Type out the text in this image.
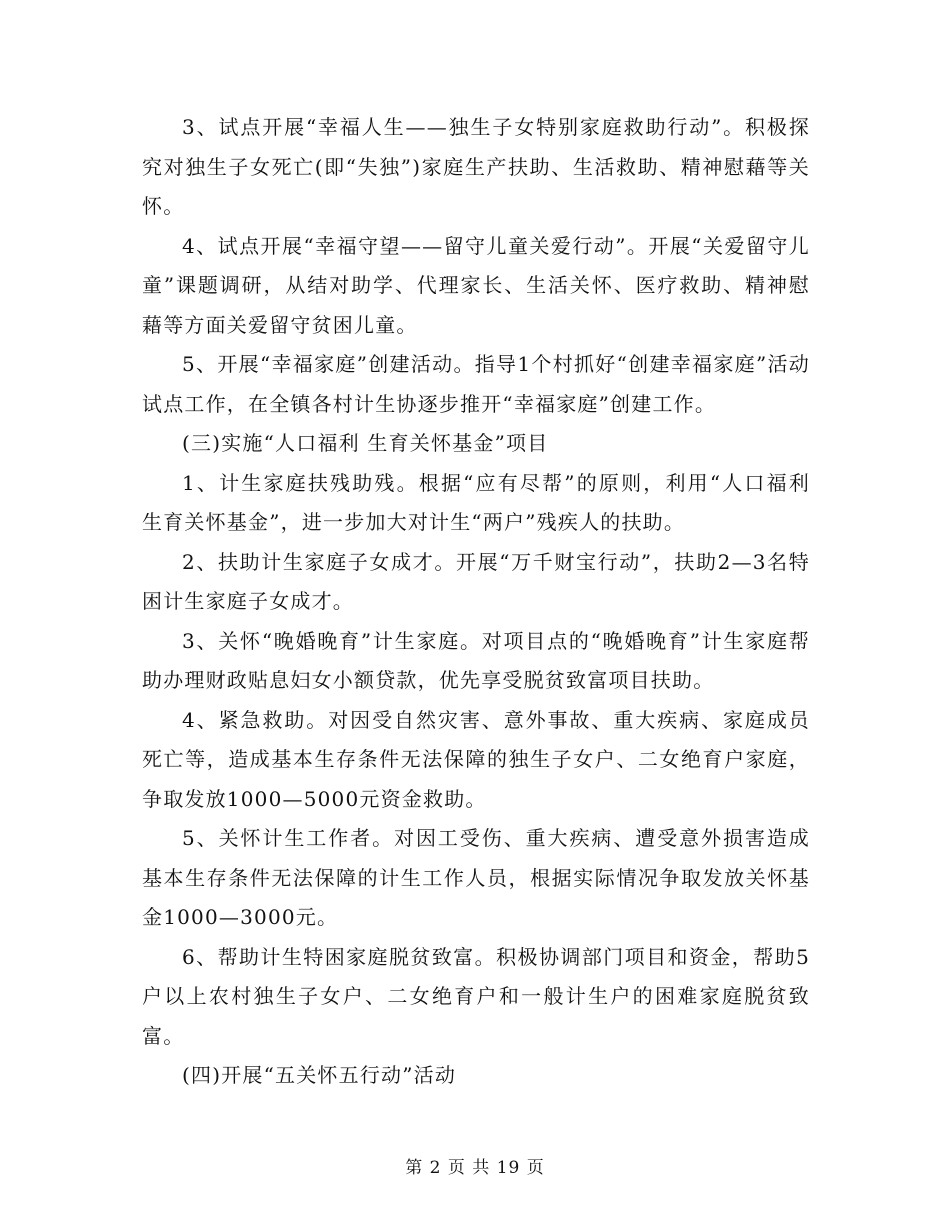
3、试点开展“幸福人生——独生子女特别家庭救助行动”。积极探究对独生子女死亡(即“失独”)家庭生产扶助、生活救助、精神慰藉等关怀。

4、试点开展“幸福守望——留守儿童关爱行动”。开展“关爱留守儿童”课题调研，从结对助学、代理家长、生活关怀、医疗救助、精神慰藉等方面关爱留守贫困儿童。

5、开展“幸福家庭”创建活动。指导1个村抓好“创建幸福家庭”活动试点工作，在全镇各村计生协逐步推开“幸福家庭”创建工作。

(三)实施“人口福利 生育关怀基金”项目

1、计生家庭扶残助残。根据“应有尽帮”的原则，利用“人口福利 生育关怀基金”，进一步加大对计生“两户”残疾人的扶助。

2、扶助计生家庭子女成才。开展“万千财宝行动”，扶助2—3名特困计生家庭子女成才。

3、关怀“晚婚晚育”计生家庭。对项目点的“晚婚晚育”计生家庭帮助办理财政贴息妇女小额贷款，优先享受脱贫致富项目扶助。

4、紧急救助。对因受自然灾害、意外事故、重大疾病、家庭成员死亡等，造成基本生存条件无法保障的独生子女户、二女绝育户家庭，争取发放1000—5000元资金救助。

5、关怀计生工作者。对因工受伤、重大疾病、遭受意外损害造成基本生存条件无法保障的计生工作人员，根据实际情况争取发放关怀基金1000—3000元。

6、帮助计生特困家庭脱贫致富。积极协调部门项目和资金，帮助5户以上农村独生子女户、二女绝育户和一般计生户的困难家庭脱贫致富。

(四)开展“五关怀五行动”活动

第 2 页 共 19 页
